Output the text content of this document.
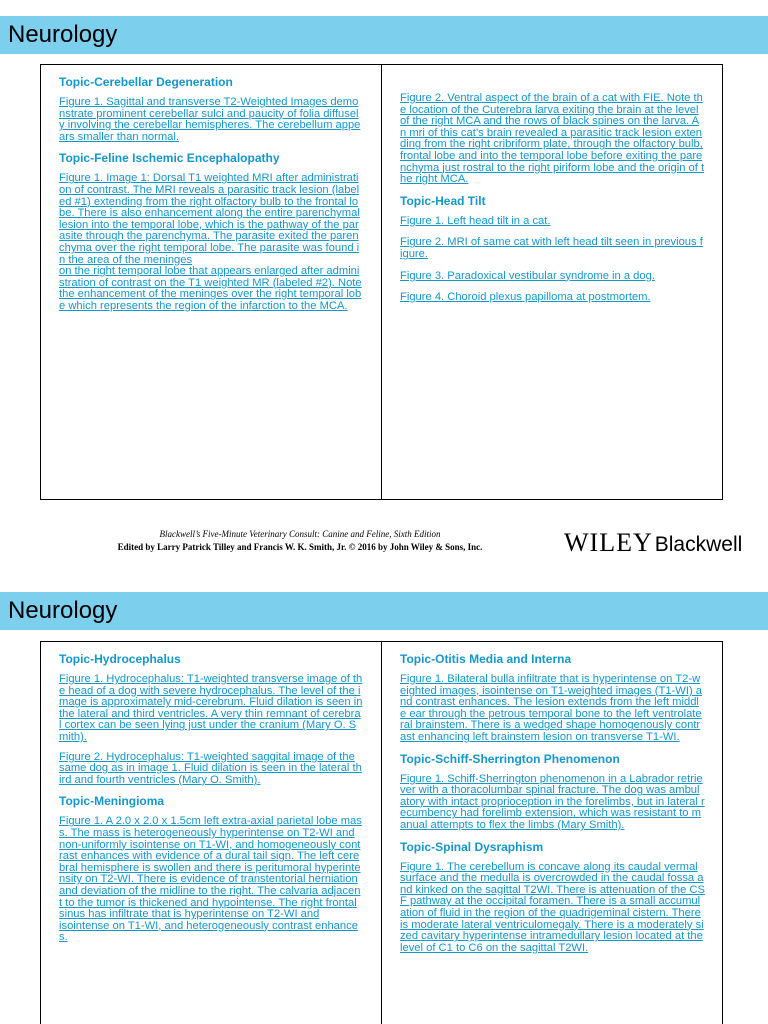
Neurology
Topic-Cerebellar Degeneration
Figure 1. Sagittal and transverse T2-Weighted Images demonstrate prominent cerebellar sulci and paucity of folia diffusely involving the cerebellar hemispheres. The cerebellum appears smaller than normal.
Topic-Feline Ischemic Encephalopathy
Figure 1. Image 1: Dorsal T1 weighted MRI after administration of contrast. The MRI reveals a parasitic track lesion (labeled #1) extending from the right olfactory bulb to the frontal lobe. There is also enhancement along the entire parenchymal lesion into the temporal lobe, which is the pathway of the parasite through the parenchyma. The parasite exited the parenchyma over the right temporal lobe. The parasite was found in the area of the meninges
on the right temporal lobe that appears enlarged after administration of contrast on the T1 weighted MR (labeled #2). Note the enhancement of the meninges over the right temporal lobe which represents the region of the infarction to the MCA.
Figure 2. Ventral aspect of the brain of a cat with FIE. Note the location of the Cuterebra larva exiting the brain at the level of the right MCA and the rows of black spines on the larva. An mri of this cat’s brain revealed a parasitic track lesion extending from the right cribriform plate, through the olfactory bulb, frontal lobe and into the temporal lobe before exiting the parenchyma just rostral to the right piriform lobe and the origin of the right MCA.
Topic-Head Tilt
Figure 1. Left head tilt in a cat.
Figure 2. MRI of same cat with left head tilt seen in previous figure.
Figure 3. Paradoxical vestibular syndrome in a dog.
Figure 4. Choroid plexus papilloma at postmortem.
Blackwell’s Five-Minute Veterinary Consult: Canine and Feline, Sixth Edition
Edited by Larry Patrick Tilley and Francis W. K. Smith, Jr. © 2016 by John Wiley & Sons, Inc.	WILEYBlackwell
Neurology
Topic-Hydrocephalus
Figure 1. Hydrocephalus: T1-weighted transverse image of the head of a dog with severe hydrocephalus. The level of the image is approximately mid-cerebrum. Fluid dilation is seen in the lateral and third ventricles. A very thin remnant of cerebral cortex can be seen lying just under the cranium (Mary O. Smith).
Figure 2. Hydrocephalus: T1-weighted saggital image of the same dog as in image 1. Fluid dilation is seen in the lateral third and fourth ventricles (Mary O. Smith).
Topic-Meningioma
Figure 1. A 2.0 x 2.0 x 1.5cm left extra-axial parietal lobe mass. The mass is heterogeneously hyperintense on T2-WI and non-uniformly isointense on T1-WI, and homogeneously contrast enhances with evidence of a dural tail sign. The left cerebral hemisphere is swollen and there is peritumoral hyperintensity on T2-WI. There is evidence of transtentorial herniation and deviation of the midline to the right. The calvaria adjacent to the tumor is thickened and hypointense. The right frontal sinus has infiltrate that is hyperintense on T2-WI and
isointense on T1-WI, and heterogeneously contrast enhances.
Topic-Otitis Media and Interna
Figure 1. Bilateral bulla infiltrate that is hyperintense on T2-weighted images, isointense on T1-weighted images (T1-WI) and contrast enhances. The lesion extends from the left middle ear through the petrous temporal bone to the left ventrolateral brainstem. There is a wedged shape homogenously contrast enhancing left brainstem lesion on transverse T1-WI.
Topic-Schiff-Sherrington Phenomenon
Figure 1. Schiff-Sherrington phenomenon in a Labrador retriever with a thoracolumbar spinal fracture. The dog was ambulatory with intact proprioception in the forelimbs, but in lateral recumbency had forelimb extension, which was resistant to manual attempts to flex the limbs (Mary Smith).
Topic-Spinal Dysraphism
Figure 1. The cerebellum is concave along its caudal vermal surface and the medulla is overcrowded in the caudal fossa and kinked on the sagittal T2WI. There is attenuation of the CSF pathway at the occipital foramen. There is a small accumulation of fluid in the region of the quadrigeminal cistern. There is moderate lateral ventriculomegaly. There is a moderately sized cavitary hyperintense intramedullary lesion located at the level of C1 to C6 on the sagittal T2WI.
